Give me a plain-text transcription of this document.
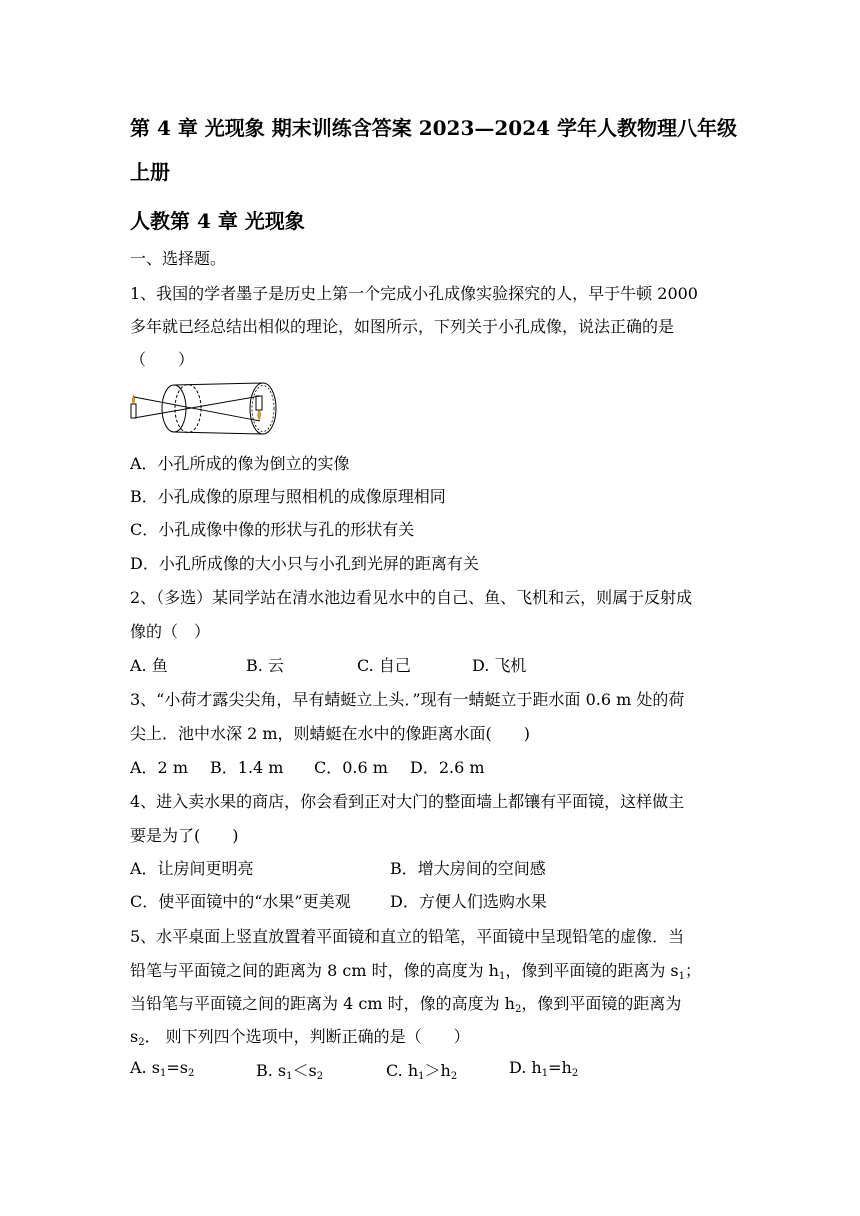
第 4 章 光现象 期末训练含答案 2023—2024 学年人教物理八年级上册
人教第 4 章 光现象
一、选择题。
1、我国的学者墨子是历史上第一个完成小孔成像实验探究的人，早于牛顿 2000
多年就已经总结出相似的理论，如图所示，下列关于小孔成像，说法正确的是
（　　）
A．小孔所成的像为倒立的实像
B．小孔成像的原理与照相机的成像原理相同
C．小孔成像中像的形状与孔的形状有关
D．小孔所成像的大小只与小孔到光屏的距离有关
2、（多选）某同学站在清水池边看见水中的自己、鱼、飞机和云，则属于反射成
像的（　）
A. 鱼	B. 云	C. 自己	D. 飞机
3、“小荷才露尖尖角，早有蜻蜓立上头．”现有一蜻蜓立于距水面 0.6 m 处的荷
尖上．池中水深 2 m，则蜻蜓在水中的像距离水面(　　)
A．2 m B．1.4 m C．0.6 m D．2.6 m
4、进入卖水果的商店，你会看到正对大门的整面墙上都镶有平面镜，这样做主
要是为了(　　)
A．让房间更明亮	B．增大房间的空间感
C．使平面镜中的“水果”更美观 D．方便人们选购水果
5、水平桌面上竖直放置着平面镜和直立的铅笔，平面镜中呈现铅笔的虚像．当
铅笔与平面镜之间的距离为 8 cm 时，像的高度为 $h_1$，像到平面镜的距离为 $s_1$；
当铅笔与平面镜之间的距离为 4 cm 时，像的高度为 $h_2$，像到平面镜的距离为
$s_2$． 则下列四个选项中，判断正确的是（　　）
A. $s_1=s_2$	B. $s_1<s_2$	C. $h_1>h_2$	D. $h_1=h_2$
